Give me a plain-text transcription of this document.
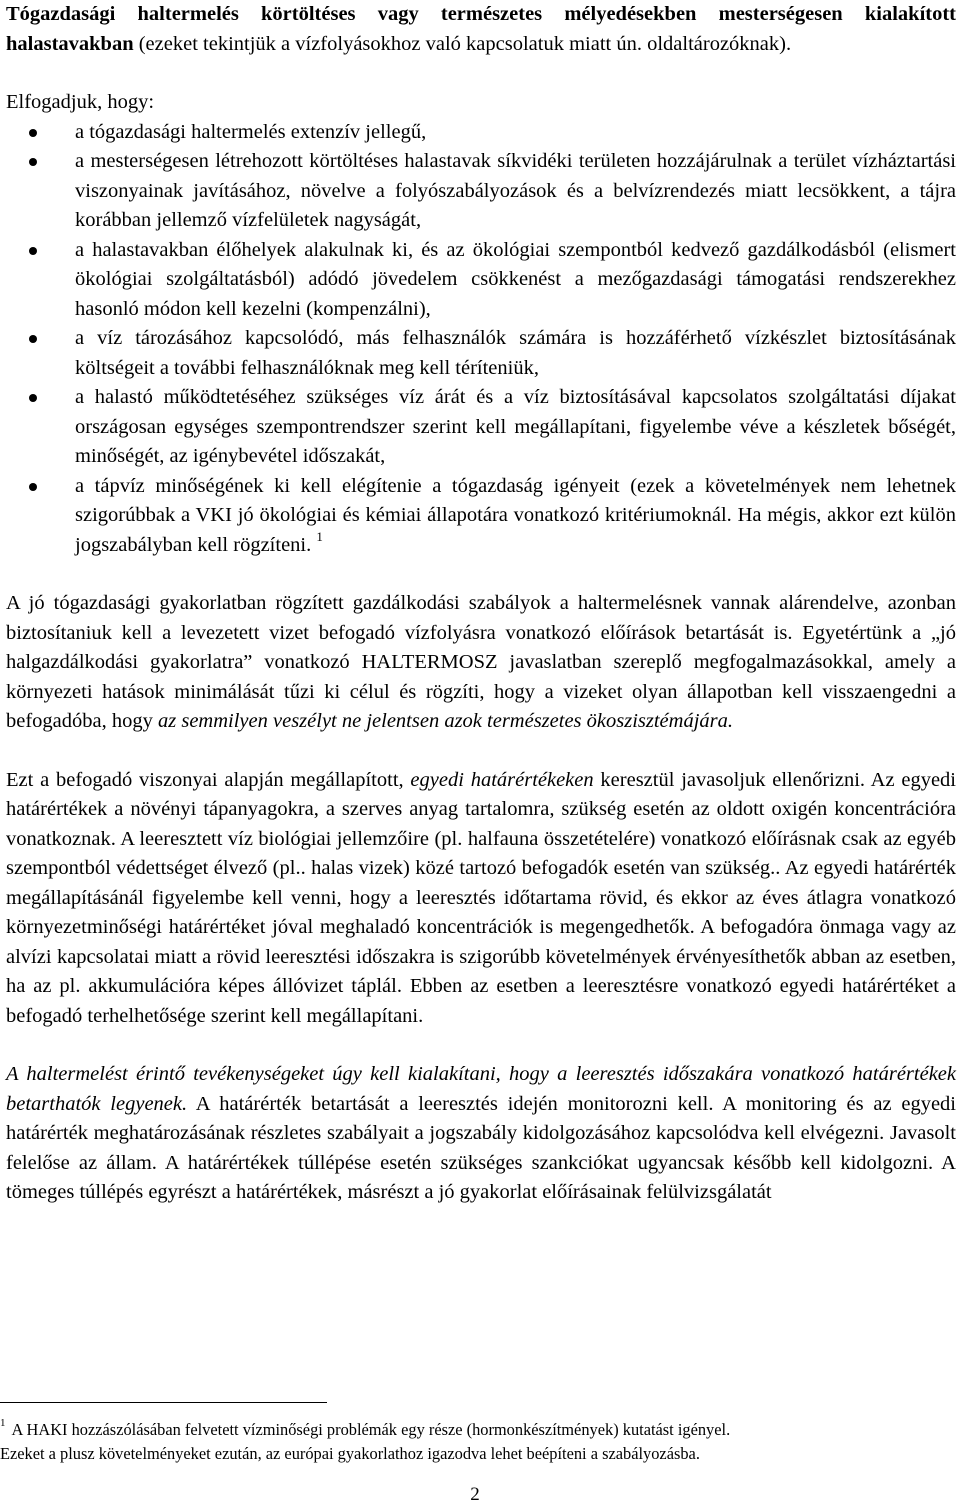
Tógazdasági haltermelés körtöltéses vagy természetes mélyedésekben mesterségesen kialakított halastavakban (ezeket tekintjük a vízfolyásokhoz való kapcsolatuk miatt ún. oldaltározóknak).

Elfogadjuk, hogy:

a tógazdasági haltermelés extenzív jellegű,
a mesterségesen létrehozott körtöltéses halastavak síkvidéki területen hozzájárulnak a terület vízháztartási viszonyainak javításához, növelve a folyószabályozások és a belvízrendezés miatt lecsökkent, a tájra korábban jellemző vízfelületek nagyságát,
a halastavakban élőhelyek alakulnak ki, és az ökológiai szempontból kedvező gazdálkodásból (elismert ökológiai szolgáltatásból) adódó jövedelem csökkenést a mezőgazdasági támogatási rendszerekhez hasonló módon kell kezelni (kompenzálni),
a víz tározásához kapcsolódó, más felhasználók számára is hozzáférhető vízkészlet biztosításának költségeit a további felhasználóknak meg kell téríteniük,
a halastó működtetéséhez szükséges víz árát és a víz biztosításával kapcsolatos szolgáltatási díjakat országosan egységes szempontrendszer szerint kell megállapítani, figyelembe véve a készletek bőségét, minőségét, az igénybevétel időszakát,
a tápvíz minőségének ki kell elégítenie a tógazdaság igényeit (ezek a követelmények nem lehetnek szigorúbbak a VKI jó ökológiai és kémiai állapotára vonatkozó kritériumoknál. Ha mégis, akkor ezt külön jogszabályban kell rögzíteni. $^1$

A jó tógazdasági gyakorlatban rögzített gazdálkodási szabályok a haltermelésnek vannak alárendelve, azonban biztosítaniuk kell a levezetett vizet befogadó vízfolyásra vonatkozó előírások betartását is. Egyetértünk a „jó halgazdálkodási gyakorlatra” vonatkozó HALTERMOSZ javaslatban szereplő megfogalmazásokkal, amely a környezeti hatások minimálását tűzi ki célul és rögzíti, hogy a vizeket olyan állapotban kell visszaengedni a befogadóba, hogy az semmilyen veszélyt ne jelentsen azok természetes ökoszisztémájára.

Ezt a befogadó viszonyai alapján megállapított, egyedi határértékeken keresztül javasoljuk ellenőrizni. Az egyedi határértékek a növényi tápanyagokra, a szerves anyag tartalomra, szükség esetén az oldott oxigén koncentrációra vonatkoznak. A leeresztett víz biológiai jellemzőire (pl. halfauna összetételére) vonatkozó előírásnak csak az egyéb szempontból védettséget élvező (pl.. halas vizek) közé tartozó befogadók esetén van szükség.. Az egyedi határérték megállapításánál figyelembe kell venni, hogy a leeresztés időtartama rövid, és ekkor az éves átlagra vonatkozó környezetminőségi határértéket jóval meghaladó koncentrációk is megengedhetők. A befogadóra önmaga vagy az alvízi kapcsolatai miatt a rövid leeresztési időszakra is szigorúbb követelmények érvényesíthetők abban az esetben, ha az pl. akkumulációra képes állóvizet táplál. Ebben az esetben a leeresztésre vonatkozó egyedi határértéket a befogadó terhelhetősége szerint kell megállapítani.

A haltermelést érintő tevékenységeket úgy kell kialakítani, hogy a leeresztés időszakára vonatkozó határértékek betarthatók legyenek. A határérték betartását a leeresztés idején monitorozni kell. A monitoring és az egyedi határérték meghatározásának részletes szabályait a jogszabály kidolgozásához kapcsolódva kell elvégezni. Javasolt felelőse az állam. A határértékek túllépése esetén szükséges szankciókat ugyancsak később kell kidolgozni. A tömeges túllépés egyrészt a határértékek, másrészt a jó gyakorlat előírásainak felülvizsgálatát

$^1$ A HAKI hozzászólásában felvetett vízminőségi problémák egy része (hormonkészítmények) kutatást igényel.
Ezeket a plusz követelményeket ezután, az európai gyakorlathoz igazodva lehet beépíteni a szabályozásba.
2
